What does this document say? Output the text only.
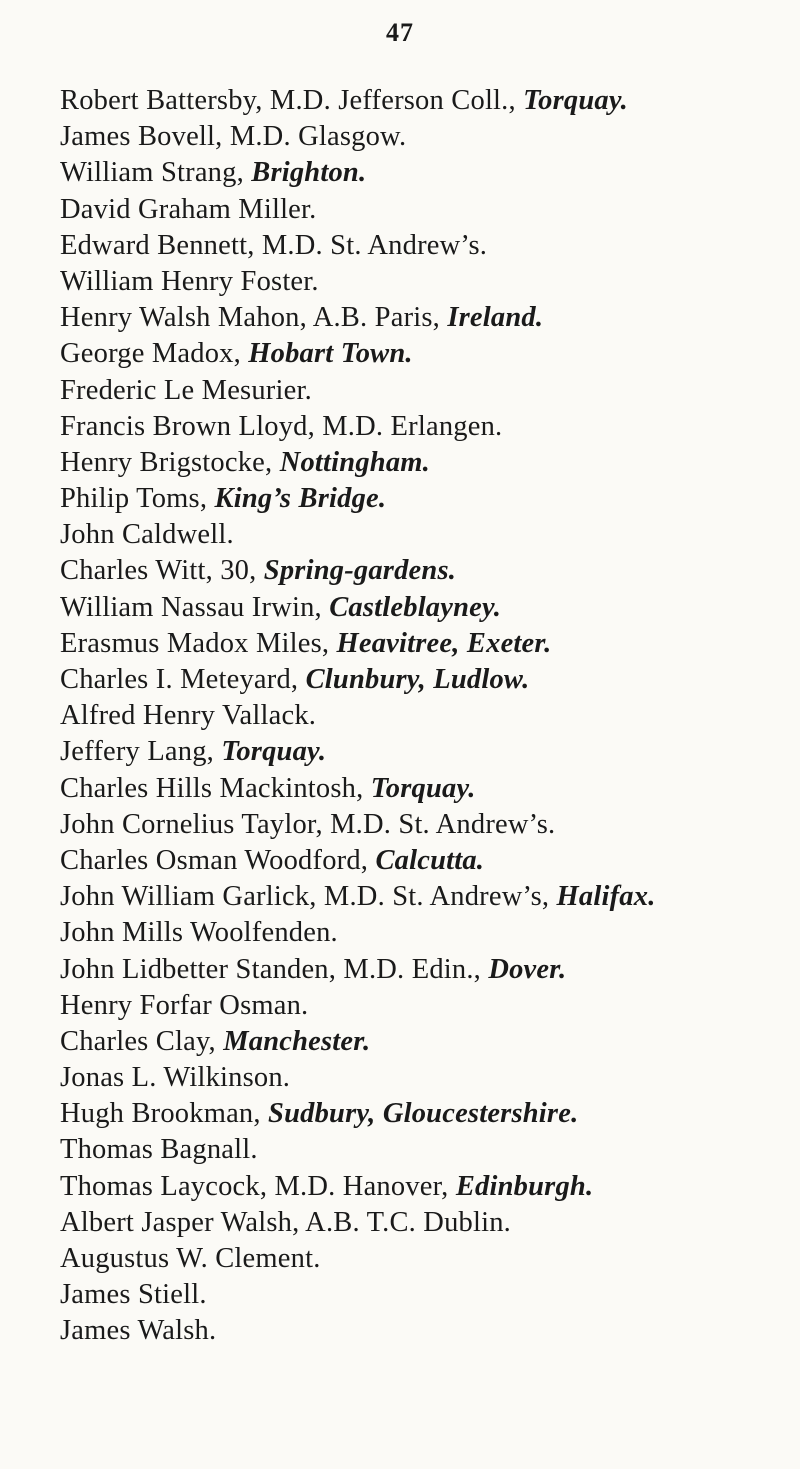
47
Robert Battersby, M.D. Jefferson Coll., Torquay.
James Bovell, M.D. Glasgow.
William Strang, Brighton.
David Graham Miller.
Edward Bennett, M.D. St. Andrew’s.
William Henry Foster.
Henry Walsh Mahon, A.B. Paris, Ireland.
George Madox, Hobart Town.
Frederic Le Mesurier.
Francis Brown Lloyd, M.D. Erlangen.
Henry Brigstocke, Nottingham.
Philip Toms, King’s Bridge.
John Caldwell.
Charles Witt, 30, Spring-gardens.
William Nassau Irwin, Castleblayney.
Erasmus Madox Miles, Heavitree, Exeter.
Charles I. Meteyard, Clunbury, Ludlow.
Alfred Henry Vallack.
Jeffery Lang, Torquay.
Charles Hills Mackintosh, Torquay.
John Cornelius Taylor, M.D. St. Andrew’s.
Charles Osman Woodford, Calcutta.
John William Garlick, M.D. St. Andrew’s, Halifax.
John Mills Woolfenden.
John Lidbetter Standen, M.D. Edin., Dover.
Henry Forfar Osman.
Charles Clay, Manchester.
Jonas L. Wilkinson.
Hugh Brookman, Sudbury, Gloucestershire.
Thomas Bagnall.
Thomas Laycock, M.D. Hanover, Edinburgh.
Albert Jasper Walsh, A.B. T.C. Dublin.
Augustus W. Clement.
James Stiell.
James Walsh.
